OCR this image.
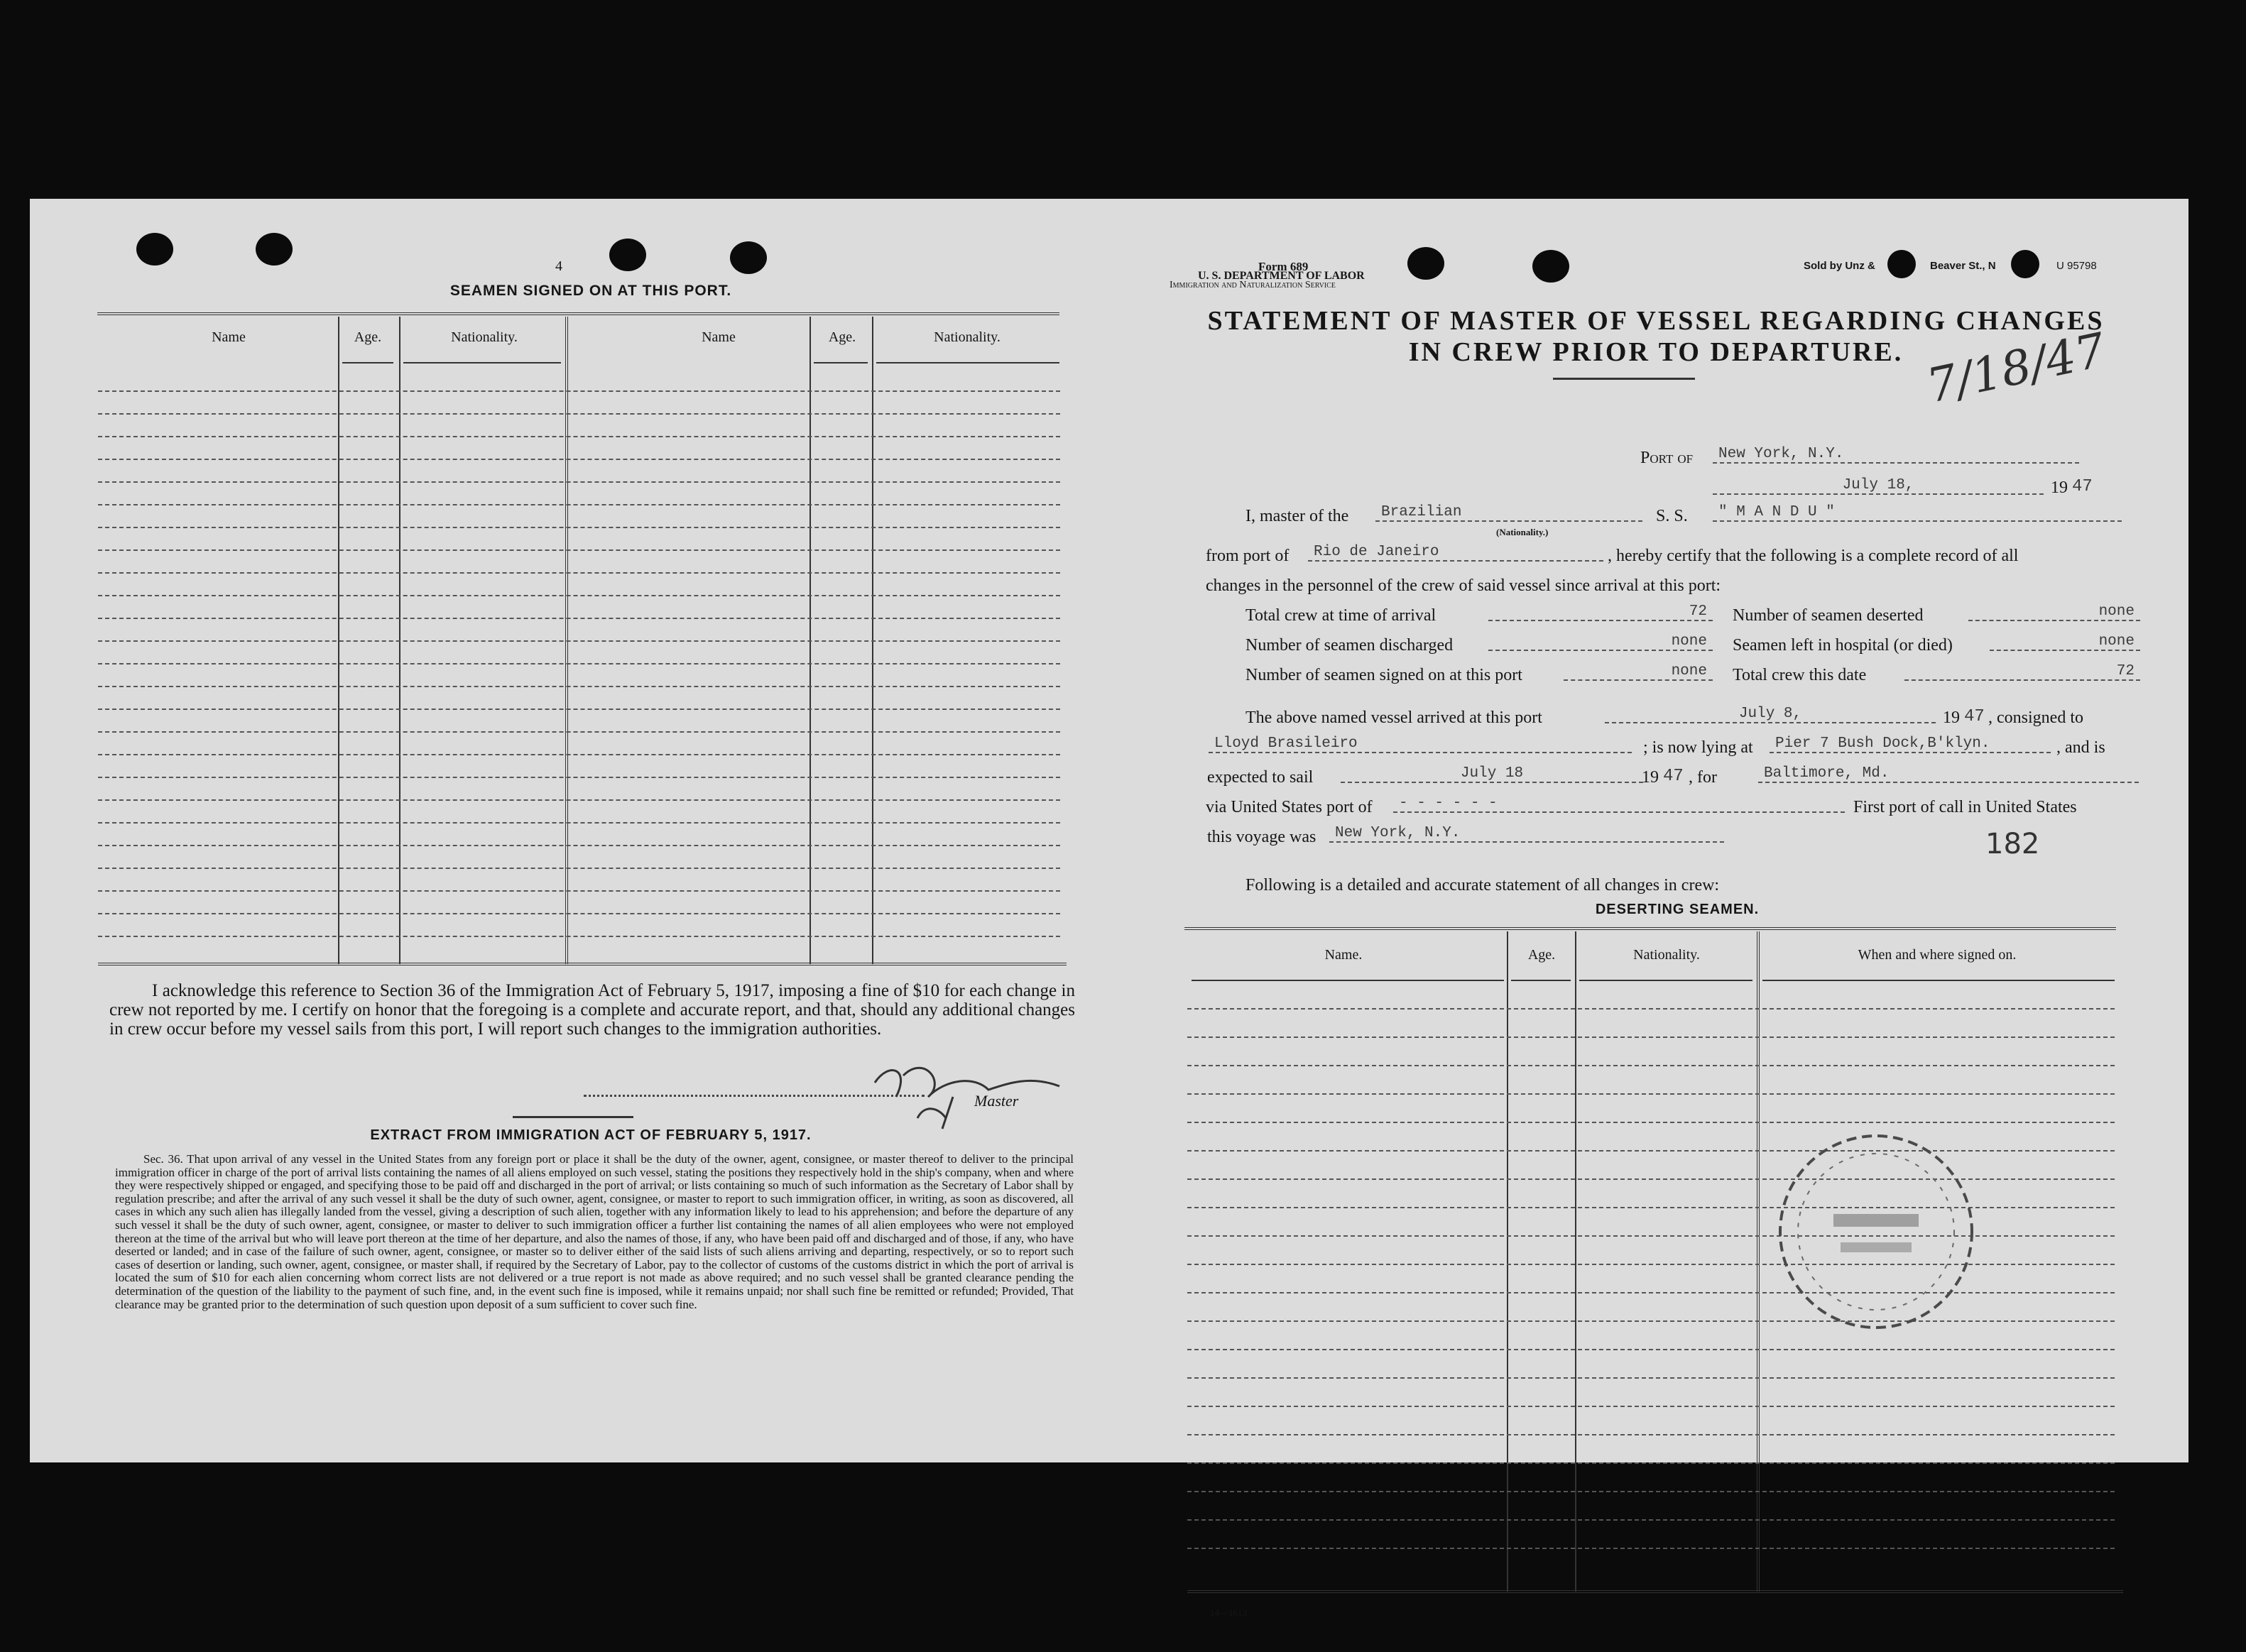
4
SEAMEN SIGNED ON AT THIS PORT.
Name	Age.	Nationality.	Name	Age.	Nationality.
I acknowledge this reference to Section 36 of the Immigration Act of February 5, 1917, imposing a fine of $10 for each change in crew not reported by me. I certify on honor that the foregoing is a complete and accurate report, and that, should any additional changes in crew occur before my vessel sails from this port, I will report such changes to the immigration authorities.
Master
EXTRACT FROM IMMIGRATION ACT OF FEBRUARY 5, 1917.
Sec. 36. That upon arrival of any vessel in the United States from any foreign port or place it shall be the duty of the owner, agent, consignee, or master thereof to deliver to the principal immigration officer in charge of the port of arrival lists containing the names of all aliens employed on such vessel, stating the positions they respectively hold in the ship's company, when and where they were respectively shipped or engaged, and specifying those to be paid off and discharged in the port of arrival; or lists containing so much of such information as the Secretary of Labor shall by regulation prescribe; and after the arrival of any such vessel it shall be the duty of such owner, agent, consignee, or master to report to such immigration officer, in writing, as soon as discovered, all cases in which any such alien has illegally landed from the vessel, giving a description of such alien, together with any information likely to lead to his apprehension; and before the departure of any such vessel it shall be the duty of such owner, agent, consignee, or master to deliver to such immigration officer a further list containing the names of all alien employees who were not employed thereon at the time of the arrival but who will leave port thereon at the time of her departure, and also the names of those, if any, who have been paid off and discharged and of those, if any, who have deserted or landed; and in case of the failure of such owner, agent, consignee, or master so to deliver either of the said lists of such aliens arriving and departing, respectively, or so to report such cases of desertion or landing, such owner, agent, consignee, or master shall, if required by the Secretary of Labor, pay to the collector of customs of the customs district in which the port of arrival is located the sum of $10 for each alien concerning whom correct lists are not delivered or a true report is not made as above required; and no such vessel shall be granted clearance pending the determination of the question of the liability to the payment of such fine, and, in the event such fine is imposed, while it remains unpaid; nor shall such fine be remitted or refunded; Provided, That clearance may be granted prior to the determination of such question upon deposit of a sum sufficient to cover such fine.
Form 689
U. S. DEPARTMENT OF LABOR
Immigration and Naturalization Service
Sold by Unz &	Beaver St., N	U 95798
STATEMENT OF MASTER OF VESSEL REGARDING CHANGES
IN CREW PRIOR TO DEPARTURE. 7/18/47
Port of	New York, N.Y.
July 18,	19 47
I, master of the	Brazilian
(Nationality.)
S. S.	" M A N D U "
from port of	Rio de Janeiro	, hereby certify that the following is a complete record of all
changes in the personnel of the crew of said vessel since arrival at this port:
Total crew at time of arrival	72	Number of seamen deserted	none
Number of seamen discharged	none	Seamen left in hospital (or died)	none
Number of seamen signed on at this port	none	Total crew this date	72
The above named vessel arrived at this port	July 8,	19 47 , consigned to
Lloyd Brasileiro	; is now lying at	Pier 7 Bush Dock,B'klyn.	, and is
expected to sail	July 18	19 47 , for	Baltimore, Md.
via United States port of	- - - - - -	First port of call in United States
this voyage was	New York, N.Y.	182
Following is a detailed and accurate statement of all changes in crew:
DESERTING SEAMEN.
Name.	Age.	Nationality.	When and where signed on.
14—1613
